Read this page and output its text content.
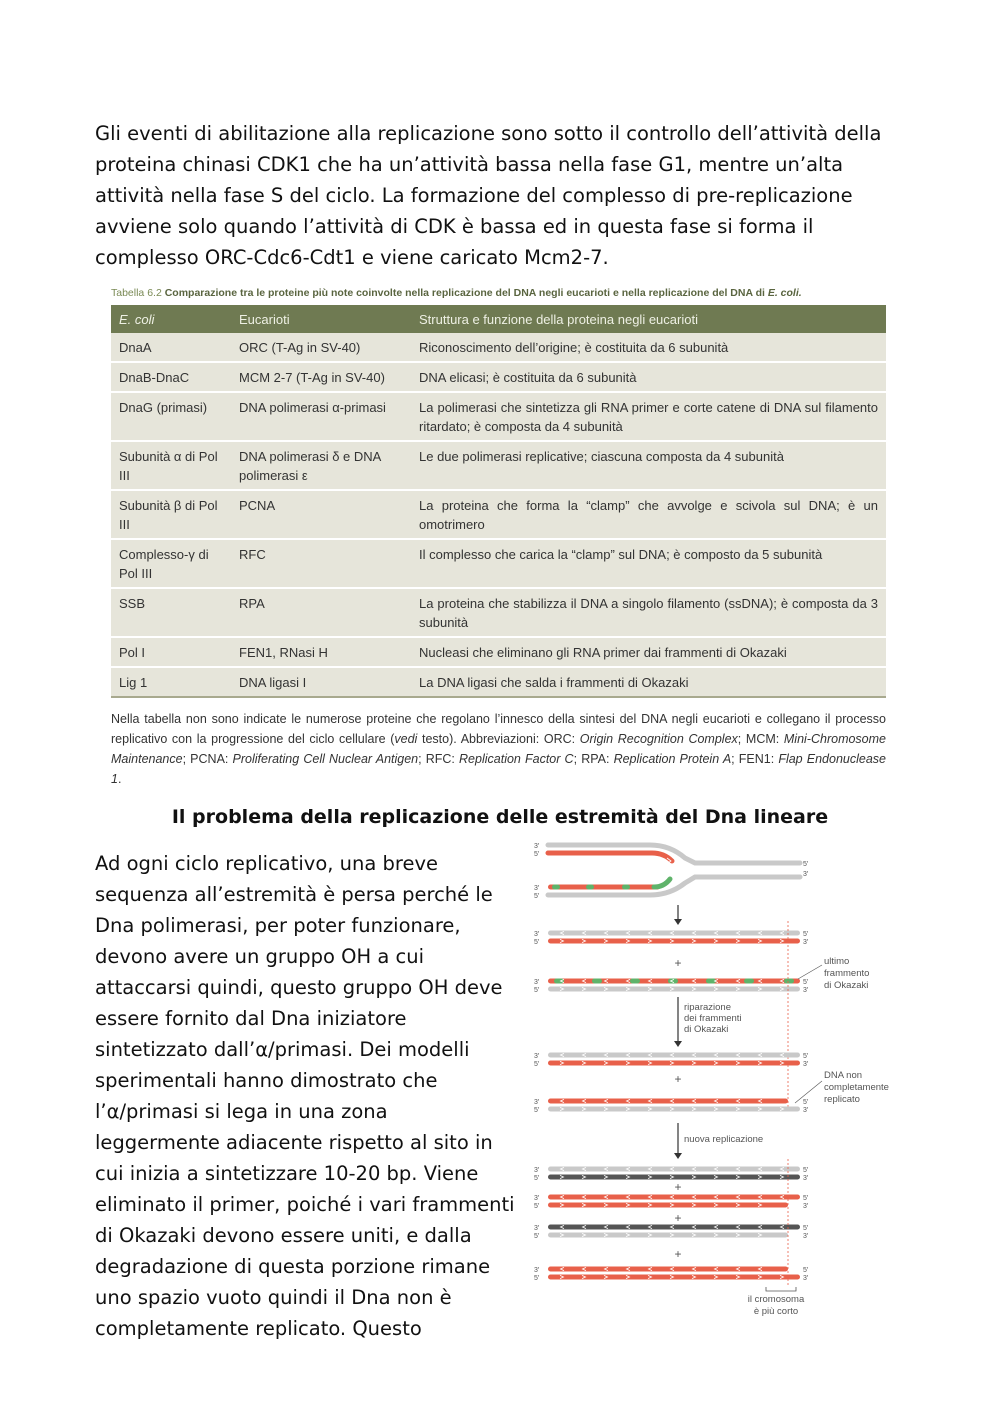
Gli eventi di abilitazione alla replicazione sono sotto il controllo dell’attività della proteina chinasi CDK1 che ha un’attività bassa nella fase G1, mentre un’alta attività nella fase S del ciclo. La formazione del complesso di pre-replicazione avviene solo quando l’attività di CDK è bassa ed in questa fase si forma il complesso ORC-Cdc6-Cdt1 e viene caricato Mcm2-7.

Tabella 6.2 Comparazione tra le proteine più note coinvolte nella replicazione del DNA negli eucarioti e nella replicazione del DNA di E. coli.

E. coli	Eucarioti	Struttura e funzione della proteina negli eucarioti
DnaA	ORC (T-Ag in SV-40)	Riconoscimento dell’origine; è costituita da 6 subunità
DnaB-DnaC	MCM 2-7 (T-Ag in SV-40)	DNA elicasi; è costituita da 6 subunità
DnaG (primasi)	DNA polimerasi α-primasi	La polimerasi che sintetizza gli RNA primer e corte catene di DNA sul filamento ritardato; è composta da 4 subunità
Subunità α di Pol III	DNA polimerasi δ e DNA polimerasi ε	Le due polimerasi replicative; ciascuna composta da 4 subunità
Subunità β di Pol III	PCNA	La proteina che forma la “clamp” che avvolge e scivola sul DNA; è un omotrimero
Complesso-γ di Pol III	RFC	Il complesso che carica la “clamp” sul DNA; è composto da 5 subunità
SSB	RPA	La proteina che stabilizza il DNA a singolo filamento (ssDNA); è composta da 3 subunità
Pol I	FEN1, RNasi H	Nucleasi che eliminano gli RNA primer dai frammenti di Okazaki
Lig 1	DNA ligasi I	La DNA ligasi che salda i frammenti di Okazaki
Nella tabella non sono indicate le numerose proteine che regolano l’innesco della sintesi del DNA negli eucarioti e collegano il processo replicativo con la progressione del ciclo cellulare (vedi testo). Abbreviazioni: ORC: Origin Recognition Complex; MCM: Mini-Chromosome Maintenance; PCNA: Proliferating Cell Nuclear Antigen; RFC: Replication Factor C; RPA: Replication Protein A; FEN1: Flap Endonuclease 1.
Il problema della replicazione delle estremità del Dna lineare

Ad ogni ciclo replicativo, una breve sequenza all’estremità è persa perché le Dna polimerasi, per poter funzionare, devono avere un gruppo OH a cui attaccarsi quindi, questo gruppo OH deve essere fornito dal Dna iniziatore sintetizzato dall’α/primasi. Dei modelli sperimentali hanno dimostrato che l’α/primasi si lega in una zona leggermente adiacente rispetto al sito in cui inizia a sintetizzare 10-20 bp. Viene eliminato il primer, poiché i vari frammenti di Okazaki devono essere uniti, e dalla degradazione di questa porzione rimane uno spazio vuoto quindi il Dna non è completamente replicato. Questo

3′
5′
3′
5′
5′
3′
3′
5′
5′
3′
+
3′
5′
5′
3′
ultimo
frammento
di Okazaki
riparazione
dei frammenti
di Okazaki
3′
5′
5′
3′
+
3′
5′
5′
3′
DNA non
completamente
replicato
nuova replicazione
3′
5′
5′
3′
3′
5′
5′
3′
3′
5′
5′
3′
3′
5′
5′
3′
+
+
+
il cromosoma
è più corto
